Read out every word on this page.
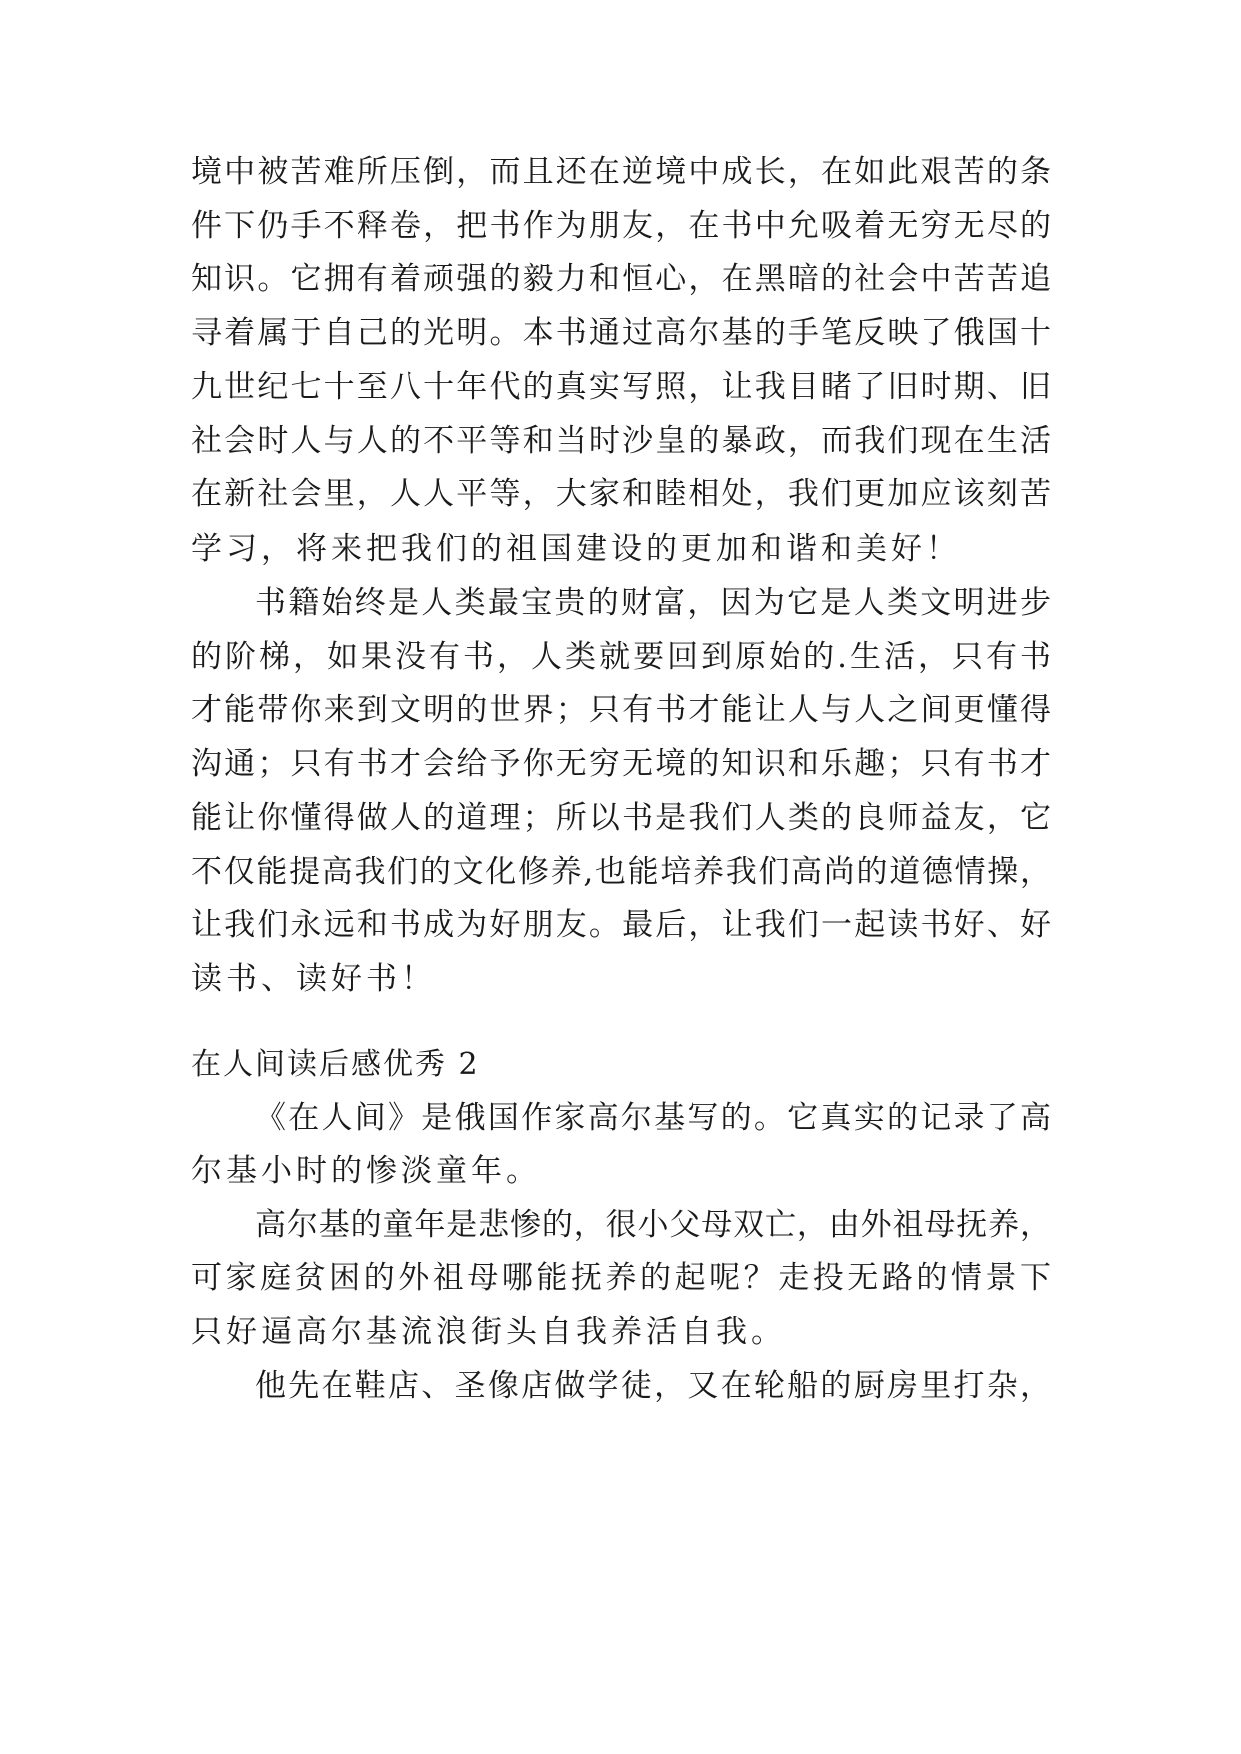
境中被苦难所压倒，而且还在逆境中成长，在如此艰苦的条
件下仍手不释卷，把书作为朋友，在书中允吸着无穷无尽的
知识。它拥有着顽强的毅力和恒心，在黑暗的社会中苦苦追
寻着属于自己的光明。本书通过高尔基的手笔反映了俄国十
九世纪七十至八十年代的真实写照，让我目睹了旧时期、旧
社会时人与人的不平等和当时沙皇的暴政，而我们现在生活
在新社会里，人人平等，大家和睦相处，我们更加应该刻苦
学习，将来把我们的祖国建设的更加和谐和美好！
书籍始终是人类最宝贵的财富，因为它是人类文明进步
的阶梯，如果没有书，人类就要回到原始的.生活，只有书
才能带你来到文明的世界；只有书才能让人与人之间更懂得
沟通；只有书才会给予你无穷无境的知识和乐趣；只有书才
能让你懂得做人的道理；所以书是我们人类的良师益友，它
不仅能提高我们的文化修养,也能培养我们高尚的道德情操，
让我们永远和书成为好朋友。最后，让我们一起读书好、好
读书、读好书！
在人间读后感优秀 2
《在人间》是俄国作家高尔基写的。它真实的记录了高
尔基小时的惨淡童年。
高尔基的童年是悲惨的，很小父母双亡，由外祖母抚养，
可家庭贫困的外祖母哪能抚养的起呢？走投无路的情景下
只好逼高尔基流浪街头自我养活自我。
他先在鞋店、圣像店做学徒，又在轮船的厨房里打杂，
